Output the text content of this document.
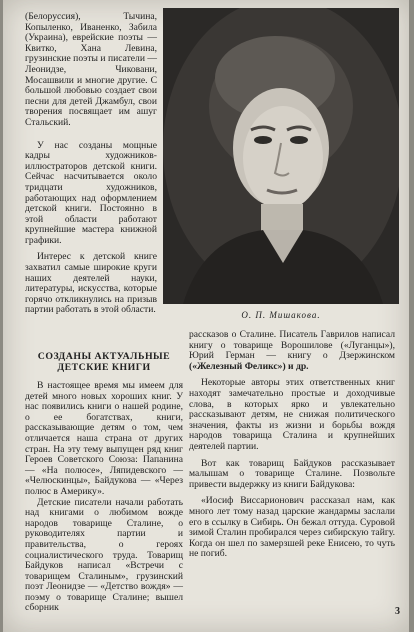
(Белоруссия), Тычина, Копыленко, Иваненко, Забила (Украина), еврейские поэты — Квитко, Хана Левина, грузинские поэты и писатели — Леонидзе, Чиковани, Мосашвили и многие другие. С большой любовью создает свои песни для детей Джамбул, свои творения посвящает им ашуг Стальский.

У нас созданы мощные кадры художников-иллюстраторов детской книги. Сейчас насчитывается около тридцати художников, работающих над оформлением детской книги. Постоянно в этой области работают крупнейшие мастера книжной графики.

Интерес к детской книге захватил самые широкие круги наших деятелей науки, литературы, искусства, которые горячо откликнулись на призыв партии работать в этой области.	О. П. Мишакова.
СОЗДАНЫ АКТУАЛЬНЫЕ ДЕТСКИЕ КНИГИ

В настоящее время мы имеем для детей много новых хороших книг. У нас появились книги о нашей родине, о ее богатствах, книги, рассказывающие детям о том, чем отличается наша страна от других стран. На эту тему выпущен ряд книг Героев Советского Союза: Папанина — «На полюсе», Ляпидевского — «Челюскинцы», Байдукова — «Через полюс в Америку».

Детские писатели начали работать над книгами о любимом вожде народов товарище Сталине, о руководителях партии и правительства, о героях социалистического труда. Товарищ Байдуков написал «Встречи с товарищем Сталиным», грузинский поэт Леонидзе — «Детство вождя» — поэму о товарище Сталине; вышел сборник

рассказов о Сталине. Писатель Гаврилов написал книгу о товарище Ворошилове («Луганцы»), Юрий Герман — книгу о Дзержинском («Железный Феликс») и др.

Некоторые авторы этих ответственных книг находят замечательно простые и доходчивые слова, в которых ярко и увлекательно рассказывают детям, не снижая политического значения, факты из жизни и борьбы вождя народов товарища Сталина и крупнейших деятелей партии.

Вот как товарищ Байдуков рассказывает малышам о товарище Сталине. Позвольте привести выдержку из книги Байдукова:

«Иосиф Виссарионович рассказал нам, как много лет тому назад царские жандармы заслали его в ссылку в Сибирь. Он бежал оттуда. Суровой зимой Сталин пробирался через сибирскую тайгу. Когда он шел по замерзшей реке Енисею, то чуть не погиб.

3
